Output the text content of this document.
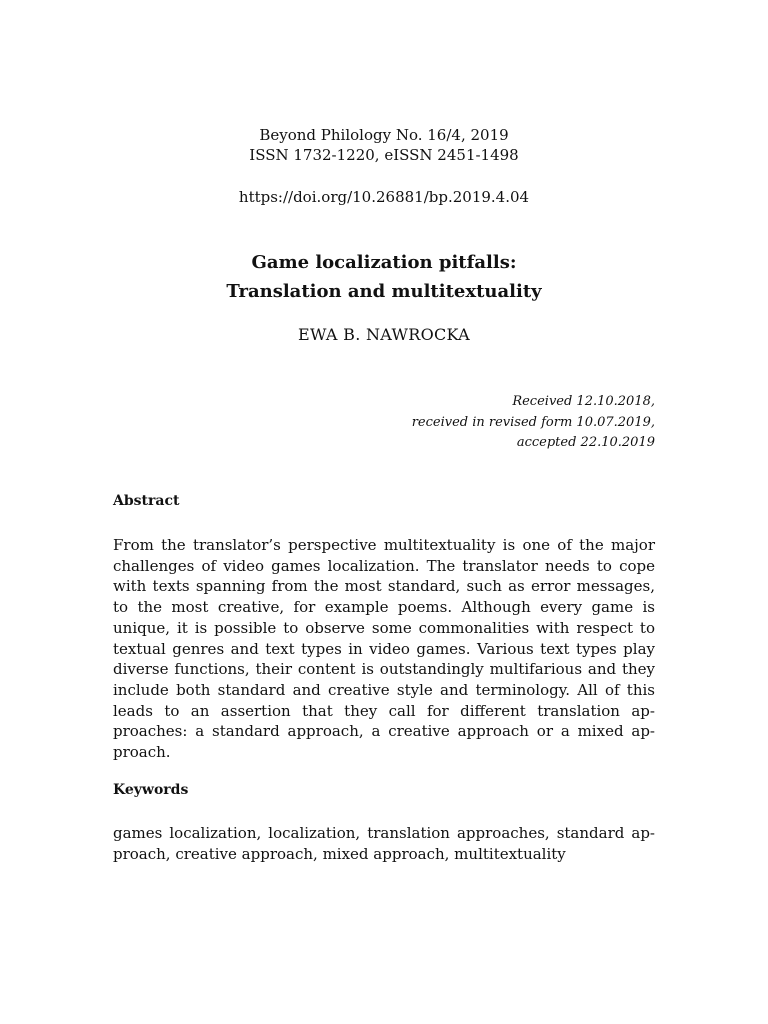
Beyond Philology No. 16/4, 2019
ISSN 1732-1220, eISSN 2451-1498
https://doi.org/10.26881/bp.2019.4.04
Game localization pitfalls:
Translation and multitextuality
EWA B. NAWROCKA
Received 12.10.2018,
received in revised form 10.07.2019,
accepted 22.10.2019
Abstract
From the translator’s perspective multitextuality is one of the major challenges of video games localization. The translator needs to cope with texts spanning from the most standard, such as error messages, to the most creative, for example poems. Although every game is unique, it is possible to observe some commonalities with respect to textual genres and text types in video games. Various text types play diverse functions, their content is outstandingly multifarious and they include both standard and creative style and terminology. All of this leads to an assertion that they call for different translation approaches: a standard approach, a creative approach or a mixed approach.
Keywords
games localization, localization, translation approaches, standard approach, creative approach, mixed approach, multitextuality
